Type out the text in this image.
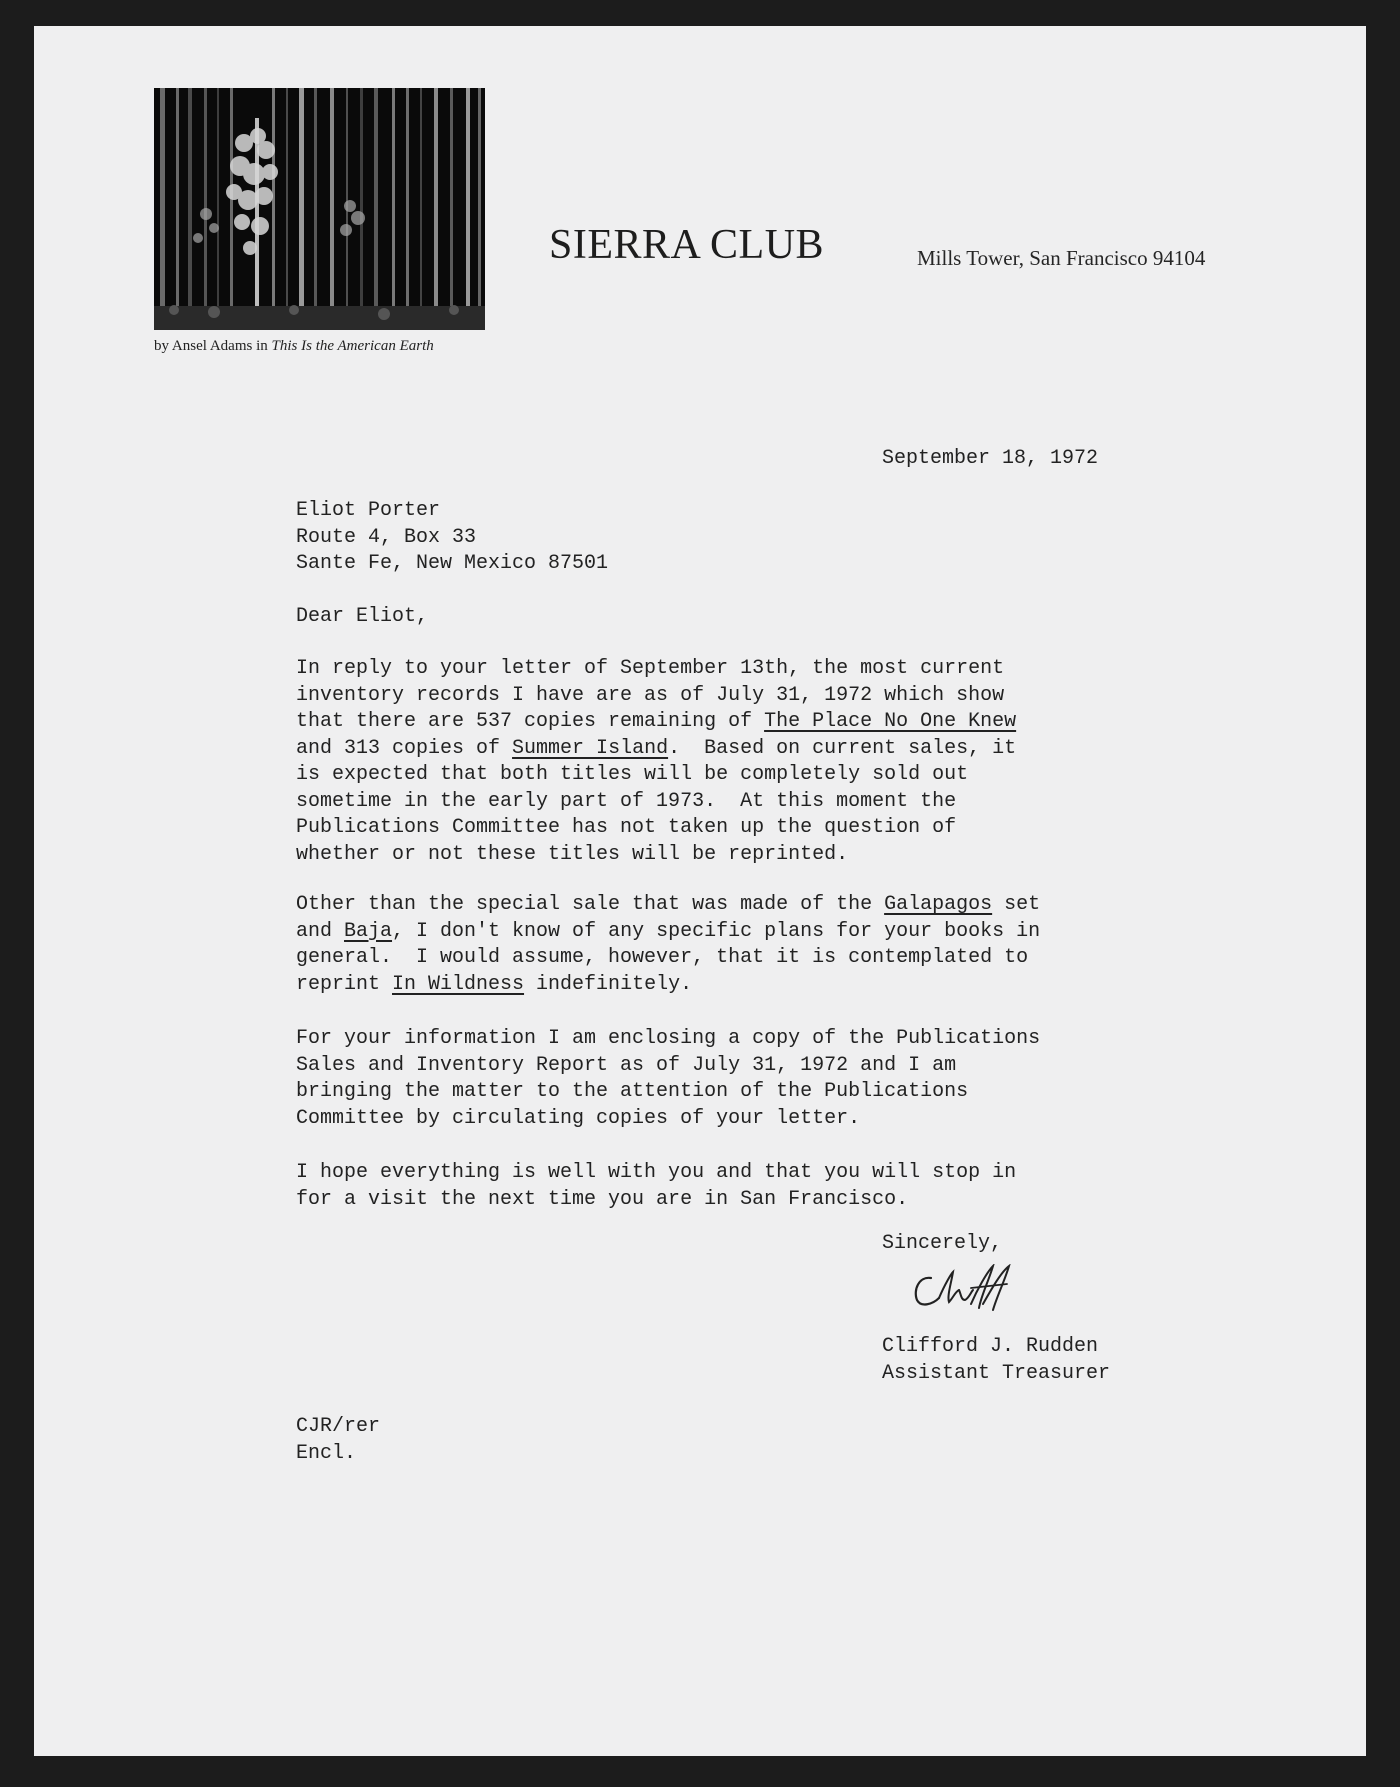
by Ansel Adams in This Is the American Earth
SIERRA CLUB	Mills Tower, San Francisco 94104

September 18, 1972

Eliot Porter
Route 4, Box 33
Sante Fe, New Mexico 87501

Dear Eliot,

In reply to your letter of September 13th, the most current
inventory records I have are as of July 31, 1972 which show
that there are 537 copies remaining of The Place No One Knew
and 313 copies of Summer Island.  Based on current sales, it
is expected that both titles will be completely sold out
sometime in the early part of 1973.  At this moment the
Publications Committee has not taken up the question of
whether or not these titles will be reprinted.
Other than the special sale that was made of the Galapagos set
and Baja, I don't know of any specific plans for your books in
general.  I would assume, however, that it is contemplated to
reprint In Wildness indefinitely.
For your information I am enclosing a copy of the Publications
Sales and Inventory Report as of July 31, 1972 and I am
bringing the matter to the attention of the Publications
Committee by circulating copies of your letter.
I hope everything is well with you and that you will stop in
for a visit the next time you are in San Francisco.

Sincerely,

Clifford J. Rudden
Assistant Treasurer
CJR/rer
Encl.
